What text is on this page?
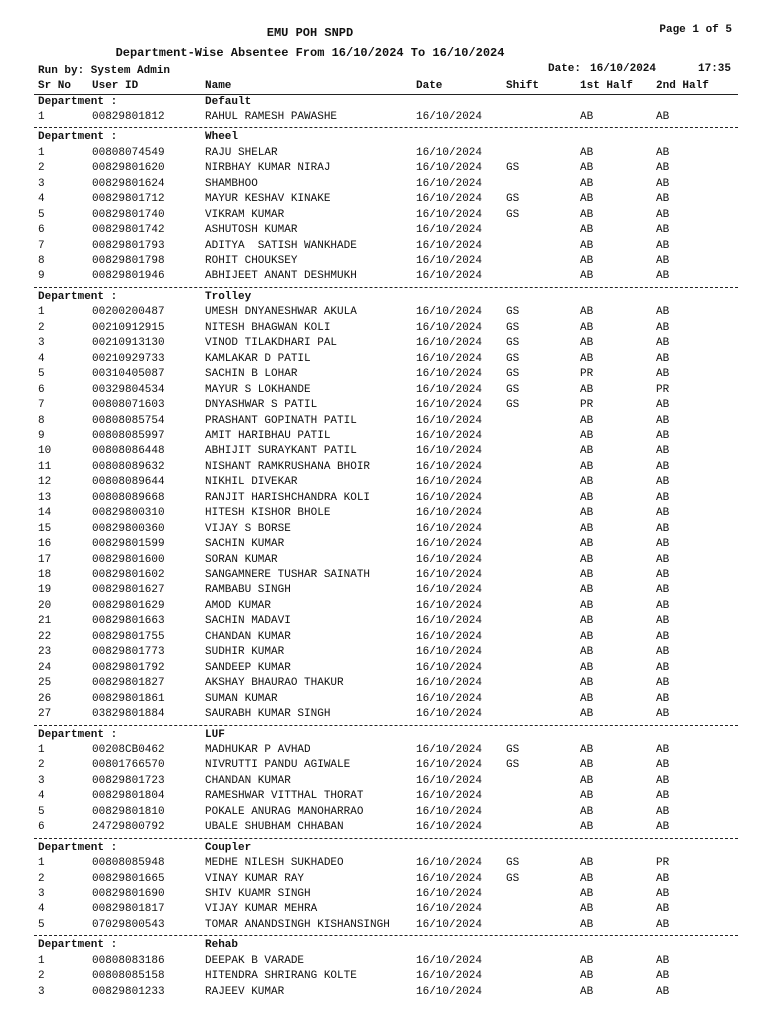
EMU POH SNPD	Page 1 of 5
Department-Wise Absentee From 16/10/2024 To 16/10/2024
Run by: System Admin	Date: 16/10/2024	17:35
Sr No User ID	Name	Date	Shift	1st Half 2nd Half
Department :	Default
1	00829801812	RAHUL RAMESH PAWASHE	16/10/2024	AB	AB
Department :	Wheel
1	00808074549	RAJU SHELAR	16/10/2024	AB	AB
2	00829801620	NIRBHAY KUMAR NIRAJ	16/10/2024 GS	AB	AB
3	00829801624	SHAMBHOO	16/10/2024	AB	AB
4	00829801712	MAYUR KESHAV KINAKE	16/10/2024 GS	AB	AB
5	00829801740	VIKRAM KUMAR	16/10/2024 GS	AB	AB
6	00829801742	ASHUTOSH KUMAR	16/10/2024	AB	AB
7	00829801793	ADITYA  SATISH WANKHADE	16/10/2024	AB	AB
8	00829801798	ROHIT CHOUKSEY	16/10/2024	AB	AB
9	00829801946	ABHIJEET ANANT DESHMUKH	16/10/2024	AB	AB
Department :	Trolley
1	00200200487	UMESH DNYANESHWAR AKULA	16/10/2024 GS	AB	AB
2	00210912915	NITESH BHAGWAN KOLI	16/10/2024 GS	AB	AB
3	00210913130	VINOD TILAKDHARI PAL	16/10/2024 GS	AB	AB
4	00210929733	KAMLAKAR D PATIL	16/10/2024 GS	AB	AB
5	00310405087	SACHIN B LOHAR	16/10/2024 GS	PR	AB
6	00329804534	MAYUR S LOKHANDE	16/10/2024 GS	AB	PR
7	00808071603	DNYASHWAR S PATIL	16/10/2024 GS	PR	AB
8	00808085754	PRASHANT GOPINATH PATIL	16/10/2024	AB	AB
9	00808085997	AMIT HARIBHAU PATIL	16/10/2024	AB	AB
10	00808086448	ABHIJIT SURAYKANT PATIL	16/10/2024	AB	AB
11	00808089632	NISHANT RAMKRUSHANA BHOIR	16/10/2024	AB	AB
12	00808089644	NIKHIL DIVEKAR	16/10/2024	AB	AB
13	00808089668	RANJIT HARISHCHANDRA KOLI	16/10/2024	AB	AB
14	00829800310	HITESH KISHOR BHOLE	16/10/2024	AB	AB
15	00829800360	VIJAY S BORSE	16/10/2024	AB	AB
16	00829801599	SACHIN KUMAR	16/10/2024	AB	AB
17	00829801600	SORAN KUMAR	16/10/2024	AB	AB
18	00829801602	SANGAMNERE TUSHAR SAINATH	16/10/2024	AB	AB
19	00829801627	RAMBABU SINGH	16/10/2024	AB	AB
20	00829801629	AMOD KUMAR	16/10/2024	AB	AB
21	00829801663	SACHIN MADAVI	16/10/2024	AB	AB
22	00829801755	CHANDAN KUMAR	16/10/2024	AB	AB
23	00829801773	SUDHIR KUMAR	16/10/2024	AB	AB
24	00829801792	SANDEEP KUMAR	16/10/2024	AB	AB
25	00829801827	AKSHAY BHAURAO THAKUR	16/10/2024	AB	AB
26	00829801861	SUMAN KUMAR	16/10/2024	AB	AB
27	03829801884	SAURABH KUMAR SINGH	16/10/2024	AB	AB
Department :	LUF
1	00208CB0462	MADHUKAR P AVHAD	16/10/2024 GS	AB	AB
2	00801766570	NIVRUTTI PANDU AGIWALE	16/10/2024 GS	AB	AB
3	00829801723	CHANDAN KUMAR	16/10/2024	AB	AB
4	00829801804	RAMESHWAR VITTHAL THORAT	16/10/2024	AB	AB
5	00829801810	POKALE ANURAG MANOHARRAO	16/10/2024	AB	AB
6	24729800792	UBALE SHUBHAM CHHABAN	16/10/2024	AB	AB
Department :	Coupler
1	00808085948	MEDHE NILESH SUKHADEO	16/10/2024 GS	AB	PR
2	00829801665	VINAY KUMAR RAY	16/10/2024 GS	AB	AB
3	00829801690	SHIV KUAMR SINGH	16/10/2024	AB	AB
4	00829801817	VIJAY KUMAR MEHRA	16/10/2024	AB	AB
5	07029800543	TOMAR ANANDSINGH KISHANSINGH 16/10/2024	AB	AB
Department :	Rehab
1	00808083186	DEEPAK B VARADE	16/10/2024	AB	AB
2	00808085158	HITENDRA SHRIRANG KOLTE	16/10/2024	AB	AB
3	00829801233	RAJEEV KUMAR	16/10/2024	AB	AB
